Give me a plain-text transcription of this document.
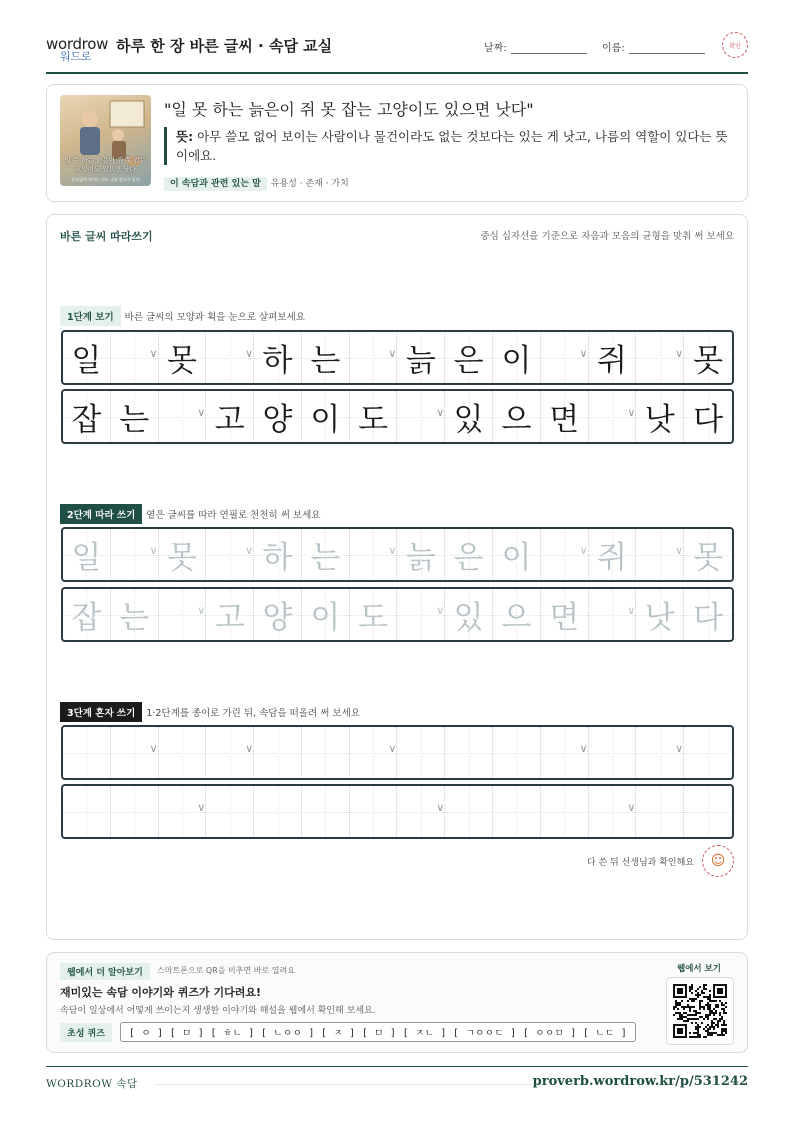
wordrow
워드로
하루 한 장 바른 글씨 · 속담 교실	날짜:	이름:	확인
일 못 하는 늙은이 쥐 못 잡는 고양이도 있으면 낫다
쓸모없어 보이는 것도 나름 쓸모가 있다
"일 못 하는 늙은이 쥐 못 잡는 고양이도 있으면 낫다"
뜻: 아무 쓸모 없어 보이는 사람이나 물건이라도 없는 것보다는 있는 게 낫고, 나름의 역할이 있다는 뜻이에요.
이 속담과 관련 있는 말 유용성 · 존재 · 가치
바른 글씨 따라쓰기	중심 십자선을 기준으로 자음과 모음의 균형을 맞춰 써 보세요
1단계 보기 바른 글씨의 모양과 획을 눈으로 살펴보세요
일	∨ 못	∨ 하 는	∨ 늙 은 이	∨ 쥐	∨ 못
잡 는	∨ 고 양 이 도	∨ 있 으 면	∨ 낫 다
2단계 따라 쓰기 옅은 글씨를 따라 연필로 천천히 써 보세요
일	∨ 못	∨ 하 는	∨ 늙 은 이	∨ 쥐	∨ 못
잡 는	∨ 고 양 이 도	∨ 있 으 면	∨ 낫 다
3단계 혼자 쓰기 1·2단계를 종이로 가린 뒤, 속담을 떠올려 써 보세요
∨	∨	∨	∨	∨
∨	∨	∨
다 쓴 뒤 선생님과 확인해요	☺
웹에서 더 알아보기	스마트폰으로 QR을 비추면 바로 열려요
재미있는 속담 이야기와 퀴즈가 기다려요!
속담이 일상에서 어떻게 쓰이는지 생생한 이야기와 해설을 웹에서 확인해 보세요.
초성 퀴즈	[ ㅇ ] [ ㅁ ] [ ㅎㄴ ] [ ㄴㅇㅇ ] [ ㅈ ] [ ㅁ ] [ ㅈㄴ ] [ ㄱㅇㅇㄷ ] [ ㅇㅇㅁ ] [ ㄴㄷ ]
웹에서 보기
WORDROW 속담	proverb.wordrow.kr/p/531242
